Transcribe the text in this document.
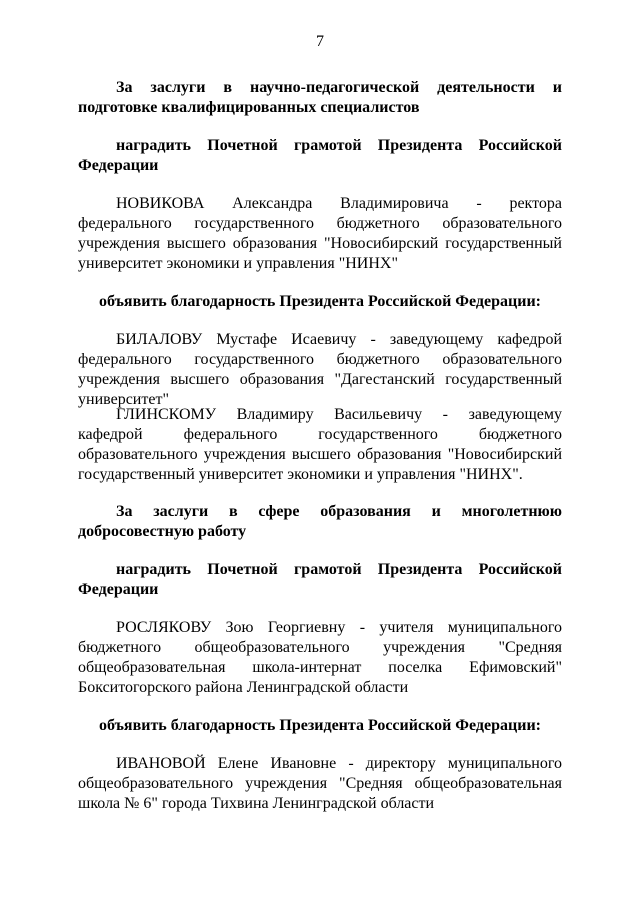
7
За заслуги в научно-педагогической деятельности и подготовке квалифицированных специалистов
наградить Почетной грамотой Президента Российской Федерации
НОВИКОВА Александра Владимировича - ректора федерального государственного бюджетного образовательного учреждения высшего образования "Новосибирский государственный университет экономики и управления "НИНХ"
объявить благодарность Президента Российской Федерации:
БИЛАЛОВУ Мустафе Исаевичу - заведующему кафедрой федерального государственного бюджетного образовательного учреждения высшего образования "Дагестанский государственный университет"
ГЛИНСКОМУ Владимиру Васильевичу - заведующему кафедрой федерального государственного бюджетного образовательного учреждения высшего образования "Новосибирский государственный университет экономики и управления "НИНХ".
За заслуги в сфере образования и многолетнюю добросовестную работу
наградить Почетной грамотой Президента Российской Федерации
РОСЛЯКОВУ Зою Георгиевну - учителя муниципального бюджетного общеобразовательного учреждения "Средняя общеобразовательная школа-интернат поселка Ефимовский" Бокситогорского района Ленинградской области
объявить благодарность Президента Российской Федерации:
ИВАНОВОЙ Елене Ивановне - директору муниципального общеобразовательного учреждения "Средняя общеобразовательная школа № 6" города Тихвина Ленинградской области
